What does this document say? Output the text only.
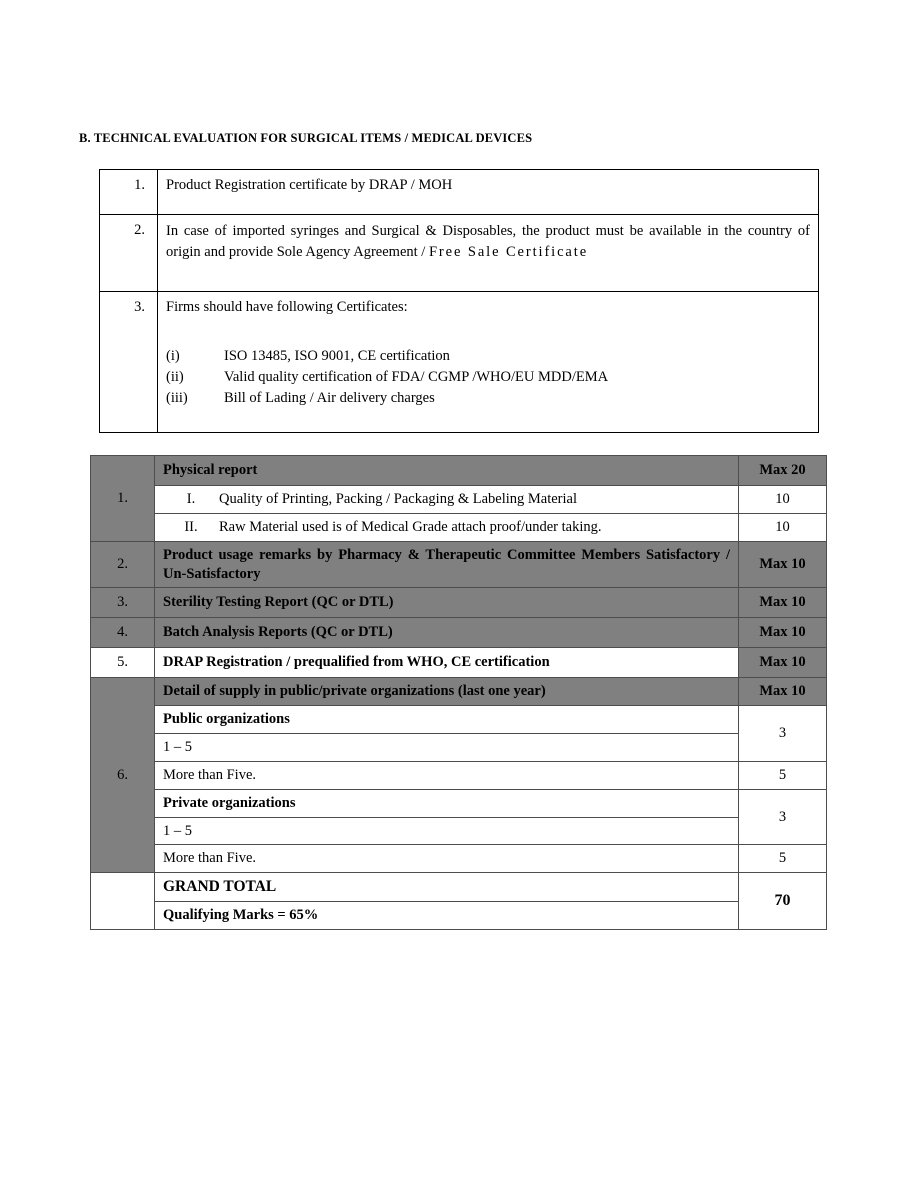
B. TECHNICAL EVALUATION FOR SURGICAL ITEMS / MEDICAL DEVICES
1.	Product Registration certificate by DRAP / MOH
2.	In case of imported syringes and Surgical & Disposables, the product must be available in the country of origin and provide Sole Agency Agreement / Free Sale Certificate

3.	Firms should have following Certificates:

(i)	ISO 13485, ISO 9001, CE certification
(ii)	Valid quality certification of FDA/ CGMP /WHO/EU MDD/EMA
(iii)	Bill of Lading / Air delivery charges
1.	Physical report	Max 20

	I. Quality of Printing, Packing / Packaging & Labeling Material	10

	II. Raw Material used is of Medical Grade attach proof/under taking.	10
2.	Product usage remarks by Pharmacy & Therapeutic Committee Members Satisfactory / Un-Satisfactory	Max 10
3.	Sterility Testing Report (QC or DTL)	Max 10
4.	Batch Analysis Reports (QC or DTL)	Max 10
5.	DRAP Registration / prequalified from WHO, CE certification	Max 10
6.	Detail of supply in public/private organizations (last one year)	Max 10
	Public organizations	3
	1 – 5	
	More than Five.	5
	Private organizations	3
	1 – 5	
	More than Five.	5
	GRAND TOTAL	70
	Qualifying Marks = 65%	
